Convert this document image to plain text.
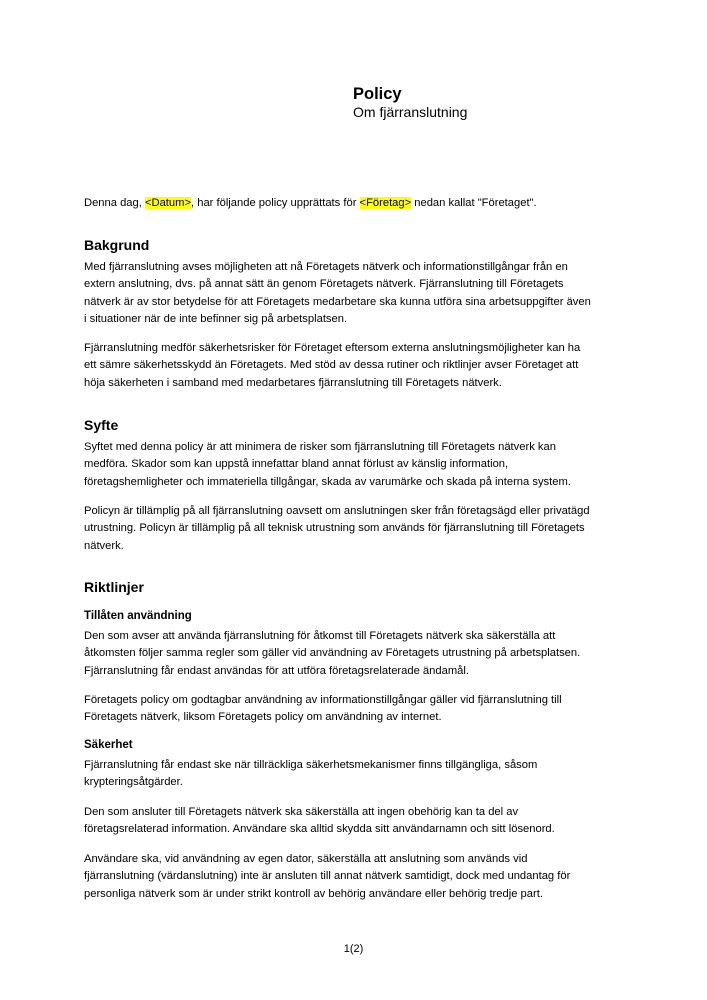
Policy
Om fjärranslutning
Denna dag, <Datum>, har följande policy upprättats för <Företag> nedan kallat "Företaget".
Bakgrund
Med fjärranslutning avses möjligheten att nå Företagets nätverk och informationstillgångar från en
extern anslutning, dvs. på annat sätt än genom Företagets nätverk. Fjärranslutning till Företagets
nätverk är av stor betydelse för att Företagets medarbetare ska kunna utföra sina arbetsuppgifter även
i situationer när de inte befinner sig på arbetsplatsen.
Fjärranslutning medför säkerhetsrisker för Företaget eftersom externa anslutningsmöjligheter kan ha
ett sämre säkerhetsskydd än Företagets. Med stöd av dessa rutiner och riktlinjer avser Företaget att
höja säkerheten i samband med medarbetares fjärranslutning till Företagets nätverk.
Syfte
Syftet med denna policy är att minimera de risker som fjärranslutning till Företagets nätverk kan
medföra. Skador som kan uppstå innefattar bland annat förlust av känslig information,
företagshemligheter och immateriella tillgångar, skada av varumärke och skada på interna system.
Policyn är tillämplig på all fjärranslutning oavsett om anslutningen sker från företagsägd eller privatägd
utrustning. Policyn är tillämplig på all teknisk utrustning som används för fjärranslutning till Företagets
nätverk.
Riktlinjer
Tillåten användning
Den som avser att använda fjärranslutning för åtkomst till Företagets nätverk ska säkerställa att
åtkomsten följer samma regler som gäller vid användning av Företagets utrustning på arbetsplatsen.
Fjärranslutning får endast användas för att utföra företagsrelaterade ändamål.
Företagets policy om godtagbar användning av informationstillgångar gäller vid fjärranslutning till
Företagets nätverk, liksom Företagets policy om användning av internet.
Säkerhet
Fjärranslutning får endast ske när tillräckliga säkerhetsmekanismer finns tillgängliga, såsom
krypteringsåtgärder.
Den som ansluter till Företagets nätverk ska säkerställa att ingen obehörig kan ta del av
företagsrelaterad information. Användare ska alltid skydda sitt användarnamn och sitt lösenord.
Användare ska, vid användning av egen dator, säkerställa att anslutning som används vid
fjärranslutning (värdanslutning) inte är ansluten till annat nätverk samtidigt, dock med undantag för
personliga nätverk som är under strikt kontroll av behörig användare eller behörig tredje part.
1(2)
